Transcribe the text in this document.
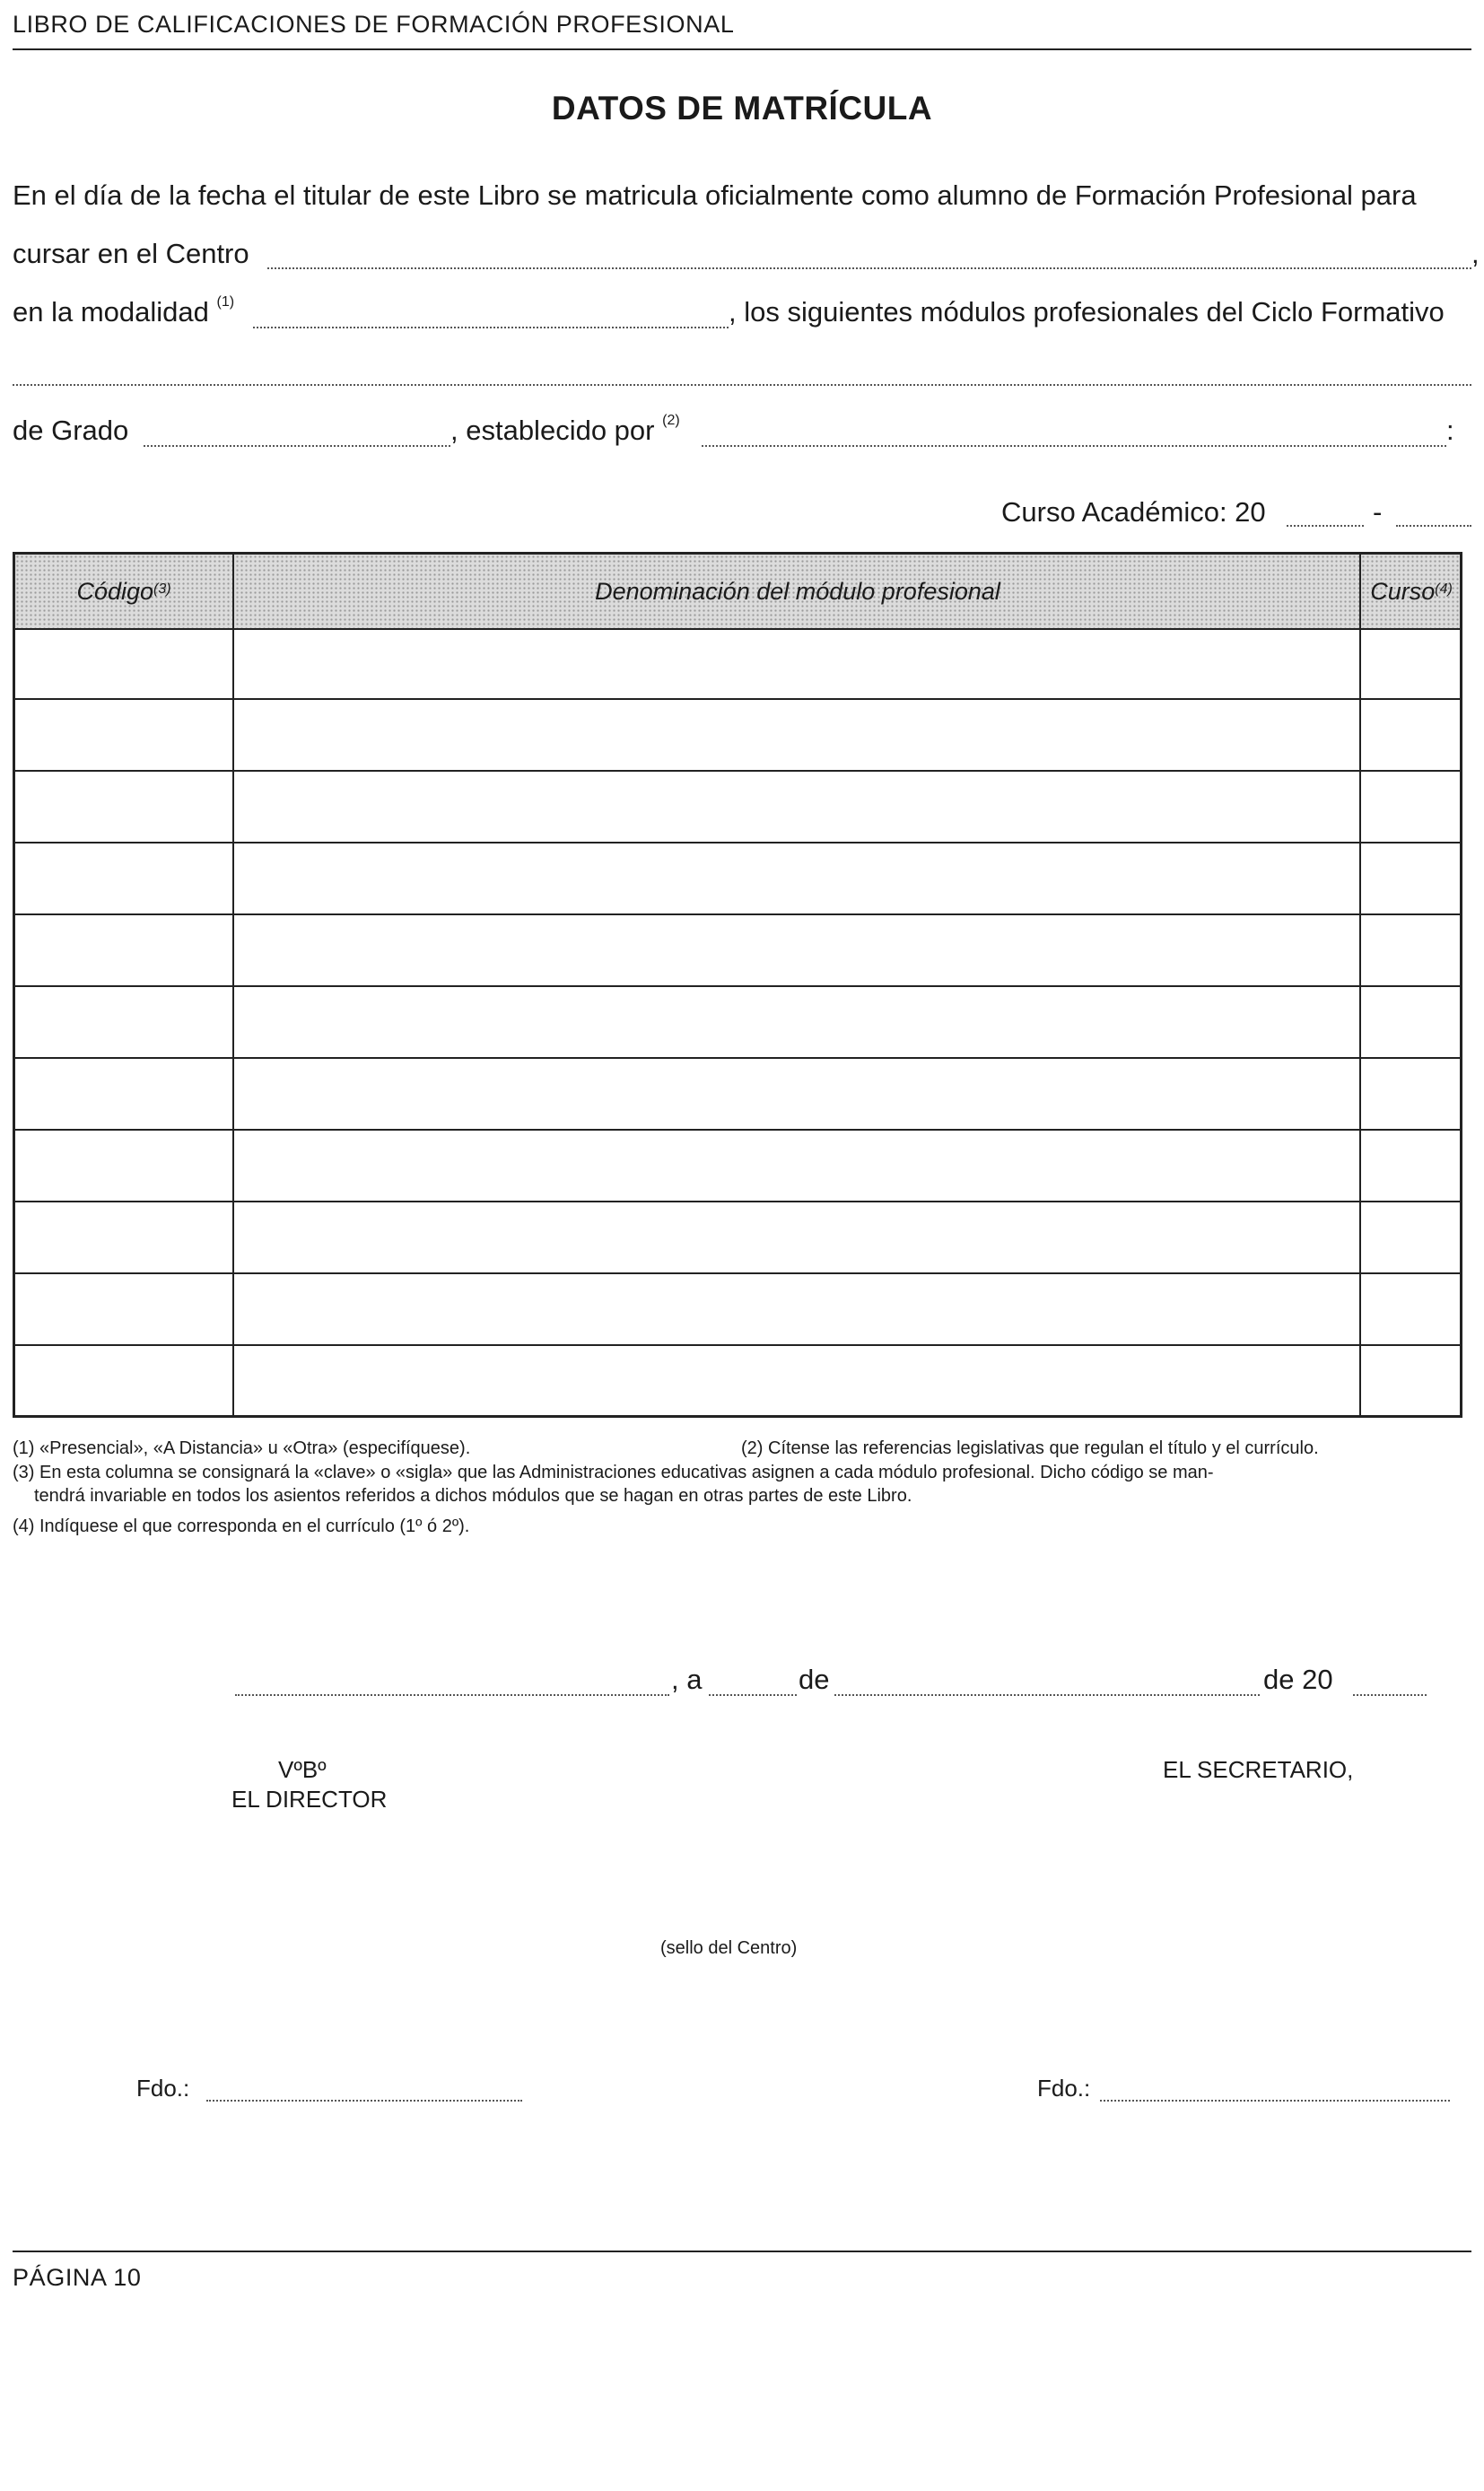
LIBRO DE CALIFICACIONES DE FORMACIÓN PROFESIONAL
DATOS DE MATRÍCULA
En el día de la fecha el titular de este Libro se matricula oficialmente como alumno de Formación Profesional para
cursar en el Centro	,
en la modalidad $^{(1)}$	, los siguientes módulos profesionales del Ciclo Formativo
de Grado	, establecido por $^{(2)}$	:
Curso Académico: 20	-
Código$^{(3)}$	Denominación del módulo profesional	Curso$^{(4)}$
(1) «Presencial», «A Distancia» u «Otra» (especifíquese).	(2) Cítense las referencias legislativas que regulan el título y el currículo.
(3) En esta columna se consignará la «clave» o «sigla» que las Administraciones educativas asignen a cada módulo profesional. Dicho código se man-
tendrá invariable en todos los asientos referidos a dichos módulos que se hagan en otras partes de este Libro.
(4) Indíquese el que corresponda en el currículo (1º ó 2º).
, a	de	de 20
VºBº
EL DIRECTOR
EL SECRETARIO,
(sello del Centro)
Fdo.:	Fdo.:
PÁGINA 10
